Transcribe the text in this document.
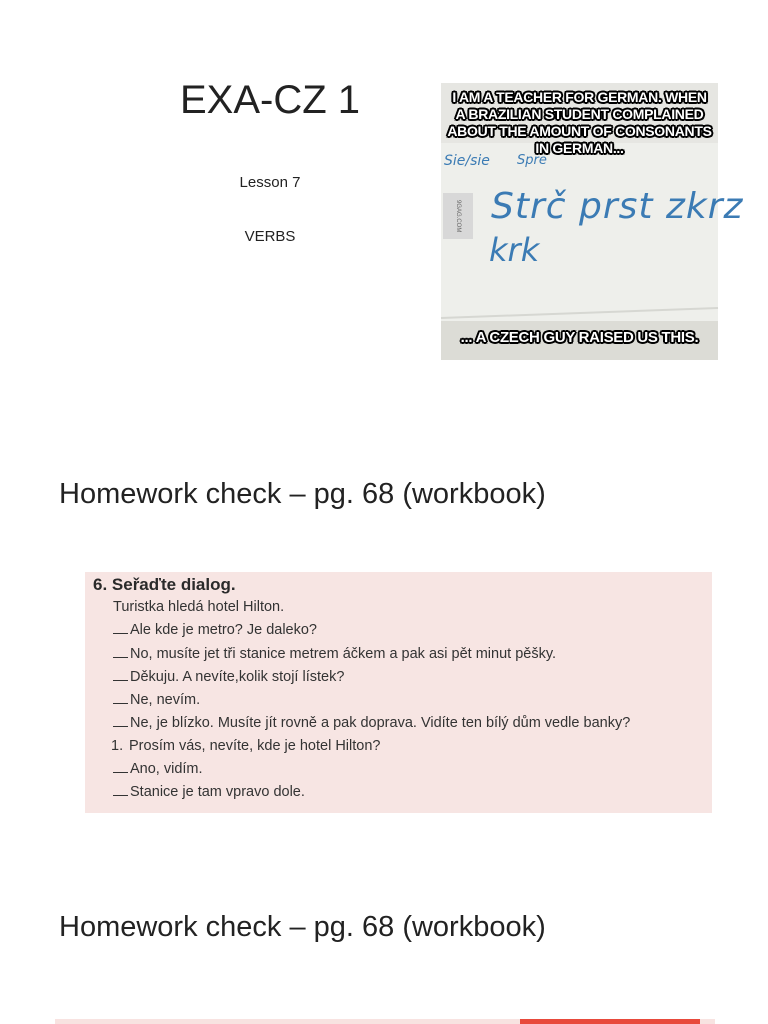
EXA-CZ 1
Lesson 7
VERBS
9GAG.COM
Sie/sie Spre
Strč prst zkrz
krk
I AM A TEACHER FOR GERMAN. WHEN A BRAZILIAN STUDENT COMPLAINED ABOUT THE AMOUNT OF CONSONANTS IN GERMAN...
... A CZECH GUY RAISED US THIS.
Homework check – pg. 68 (workbook)
6. Seřaďte dialog.
Turistka hledá hotel Hilton.
Ale kde je metro? Je daleko?
No, musíte jet tři stanice metrem áčkem a pak asi pět minut pěšky.
Děkuju. A nevíte,kolik stojí lístek?
Ne, nevím.
Ne, je blízko. Musíte jít rovně a pak doprava. Vidíte ten bílý dům vedle banky?
1. Prosím vás, nevíte, kde je hotel Hilton?
Ano, vidím.
Stanice je tam vpravo dole.
Homework check – pg. 68 (workbook)
